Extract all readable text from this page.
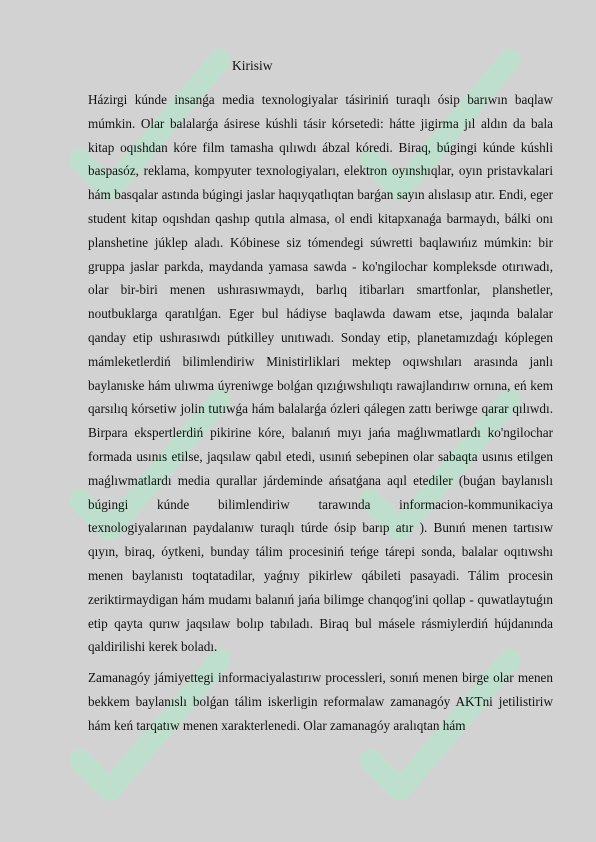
Kirisiw

Házirgi kúnde insanǵa media texnologiyalar tásiriniń turaqlı ósip barıwın baqlaw múmkin. Olar balalarǵa ásirese kúshli tásir kórsetedi: hátte jigirma jıl aldın da bala kitap oqıshdan kóre film tamasha qılıwdı ábzal kóredi. Biraq, búgingi kúnde kúshli baspasóz, reklama, kompyuter texnologiyaları, elektron oyınshıqlar, oyın pristavkalari hám basqalar astında búgingi jaslar haqıyqatlıqtan barǵan sayın alıslasıp atır. Endi, eger student kitap oqıshdan qashıp qutıla almasa, ol endi kitapxanaǵa barmaydı, bálki onı planshetine júklep aladı. Kóbinese siz tómendegi súwretti baqlawıńız múmkin: bir gruppa jaslar parkda, maydanda yamasa sawda - ko'ngilochar kompleksde otırıwadı, olar bir-biri menen ushırasıwmaydı, barlıq itibarları smartfonlar, planshetler, noutbuklarga qaratılǵan. Eger bul hádiyse baqlawda dawam etse, jaqında balalar qanday etip ushırasıwdı pútkilley unıtıwadı. Sonday etip, planetamızdaǵı kóplegen mámleketlerdiń bilimlendiriw Ministirliklari mektep oqıwshıları arasında janlı baylanıske hám ulıwma úyreniwge bolǵan qızıǵıwshılıqtı rawajlandırıw ornına, eń kem qarsılıq kórsetiw jolin tutıwǵa hám balalarǵa ózleri qálegen zattı beriwge qarar qılıwdı. Birpara ekspertlerdiń pikirine kóre, balanıń mıyı jańa maǵlıwmatlardı ko'ngilochar formada usınıs etilse, jaqsılaw qabıl etedi, usınıń sebepinen olar sabaqta usınıs etilgen maǵlıwmatlardı media qurallar járdeminde ańsatǵana aqıl etediler (buǵan baylanıslı búgingi kúnde bilimlendiriw tarawında informacion-kommunikaciya texnologiyalarınan paydalanıw turaqlı túrde ósip barıp atır ). Bunıń menen tartısıw qıyın, biraq, óytkeni, bunday tálim procesiniń teńge tárepi sonda, balalar oqıtıwshı menen baylanıstı toqtatadilar, yaǵnıy pikirlew qábileti pasayadi. Tálim procesin zeriktirmaydigan hám mudamı balanıń jańa bilimge chanqog'ini qollap - quwatlaytuǵın etip qayta qurıw jaqsılaw bolıp tabıladı. Biraq bul másele rásmiylerdiń hújdanında qaldirilishi kerek boladı.

Zamanagóy jámiyettegi informaciyalastırıw processleri, sonıń menen birge olar menen bekkem baylanıslı bolǵan tálim iskerligin reformalaw zamanagóy AKTni jetilistiriw hám keń tarqatıw menen xarakterlenedi. Olar zamanagóy aralıqtan hám
